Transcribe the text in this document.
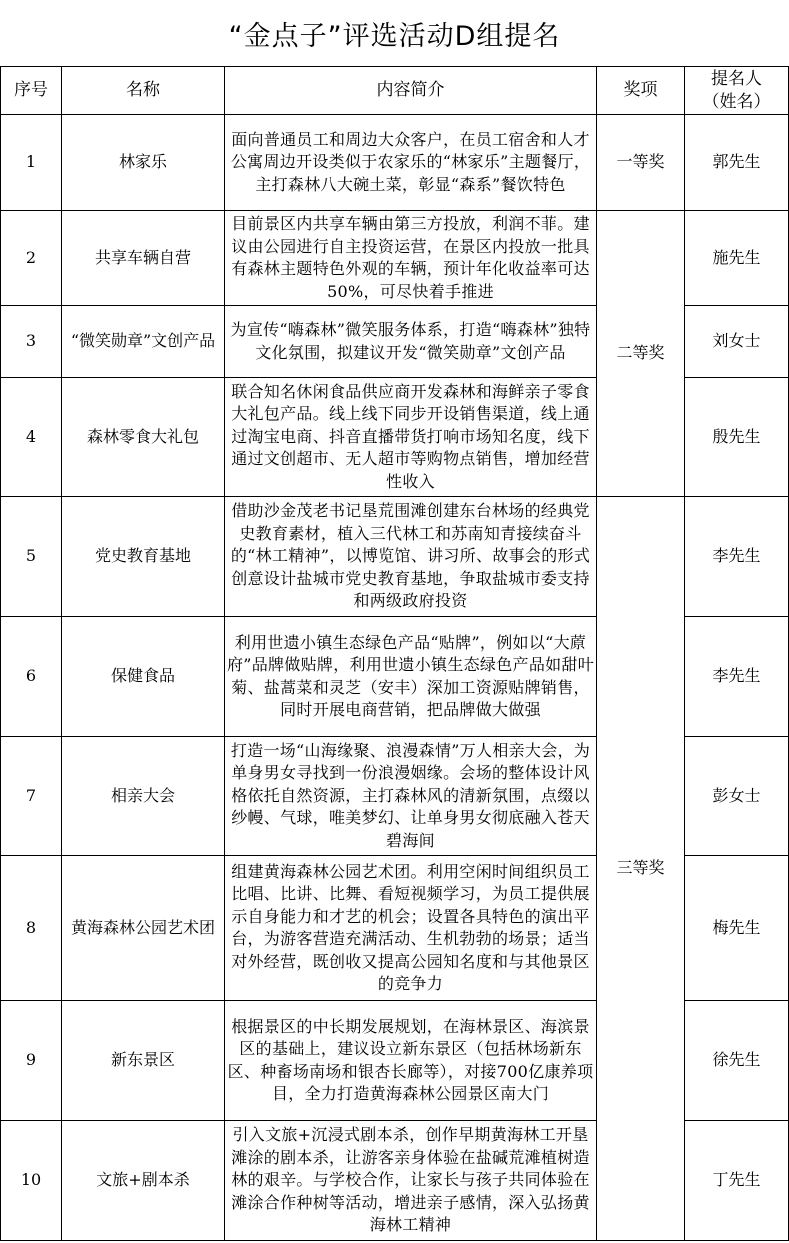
“金点子”评选活动D组提名
序号	名称	内容简介	奖项	提名人
（姓名）

1	林家乐	面向普通员工和周边大众客户，在员工宿舍和人才公寓周边开设类似于农家乐的“林家乐”主题餐厅，主打森林八大碗土菜，彰显“森系”餐饮特色	一等奖	郭先生
2	共享车辆自营	目前景区内共享车辆由第三方投放，利润不菲。建议由公园进行自主投资运营，在景区内投放一批具有森林主题特色外观的车辆，预计年化收益率可达50%，可尽快着手推进	二等奖	施先生
3	“微笑勋章”文创产品	为宣传“嗨森林”微笑服务体系，打造“嗨森林”独特文化氛围，拟建议开发“微笑勋章”文创产品		刘女士
4	森林零食大礼包	联合知名休闲食品供应商开发森林和海鲜亲子零食大礼包产品。线上线下同步开设销售渠道，线上通过淘宝电商、抖音直播带货打响市场知名度，线下通过文创超市、无人超市等购物点销售，增加经营性收入		殷先生
5	党史教育基地	借助沙金茂老书记垦荒围滩创建东台林场的经典党史教育素材，植入三代林工和苏南知青接续奋斗的“林工精神”，以博览馆、讲习所、故事会的形式创意设计盐城市党史教育基地，争取盐城市委支持和两级政府投资	三等奖	李先生
6	保健食品	利用世遗小镇生态绿色产品“贴牌”，例如以“大蒝府”品牌做贴牌，利用世遗小镇生态绿色产品如甜叶菊、盐蒿菜和灵芝（安丰）深加工资源贴牌销售，同时开展电商营销，把品牌做大做强		李先生
7	相亲大会	打造一场“山海缘聚、浪漫森情”万人相亲大会，为单身男女寻找到一份浪漫姻缘。会场的整体设计风格依托自然资源，主打森林风的清新氛围，点缀以纱幔、气球，唯美梦幻、让单身男女彻底融入苍天碧海间		彭女士
8	黄海森林公园艺术团	组建黄海森林公园艺术团。利用空闲时间组织员工比唱、比讲、比舞、看短视频学习，为员工提供展示自身能力和才艺的机会；设置各具特色的演出平台，为游客营造充满活动、生机勃勃的场景；适当对外经营，既创收又提高公园知名度和与其他景区的竞争力		梅先生
9	新东景区	根据景区的中长期发展规划，在海林景区、海滨景区的基础上，建议设立新东景区（包括林场新东区、种畜场南场和银杏长廊等），对接700亿康养项目，全力打造黄海森林公园景区南大门		徐先生
10	文旅+剧本杀	引入文旅+沉浸式剧本杀，创作早期黄海林工开垦滩涂的剧本杀，让游客亲身体验在盐碱荒滩植树造林的艰辛。与学校合作，让家长与孩子共同体验在滩涂合作种树等活动，增进亲子感情，深入弘扬黄海林工精神		丁先生
